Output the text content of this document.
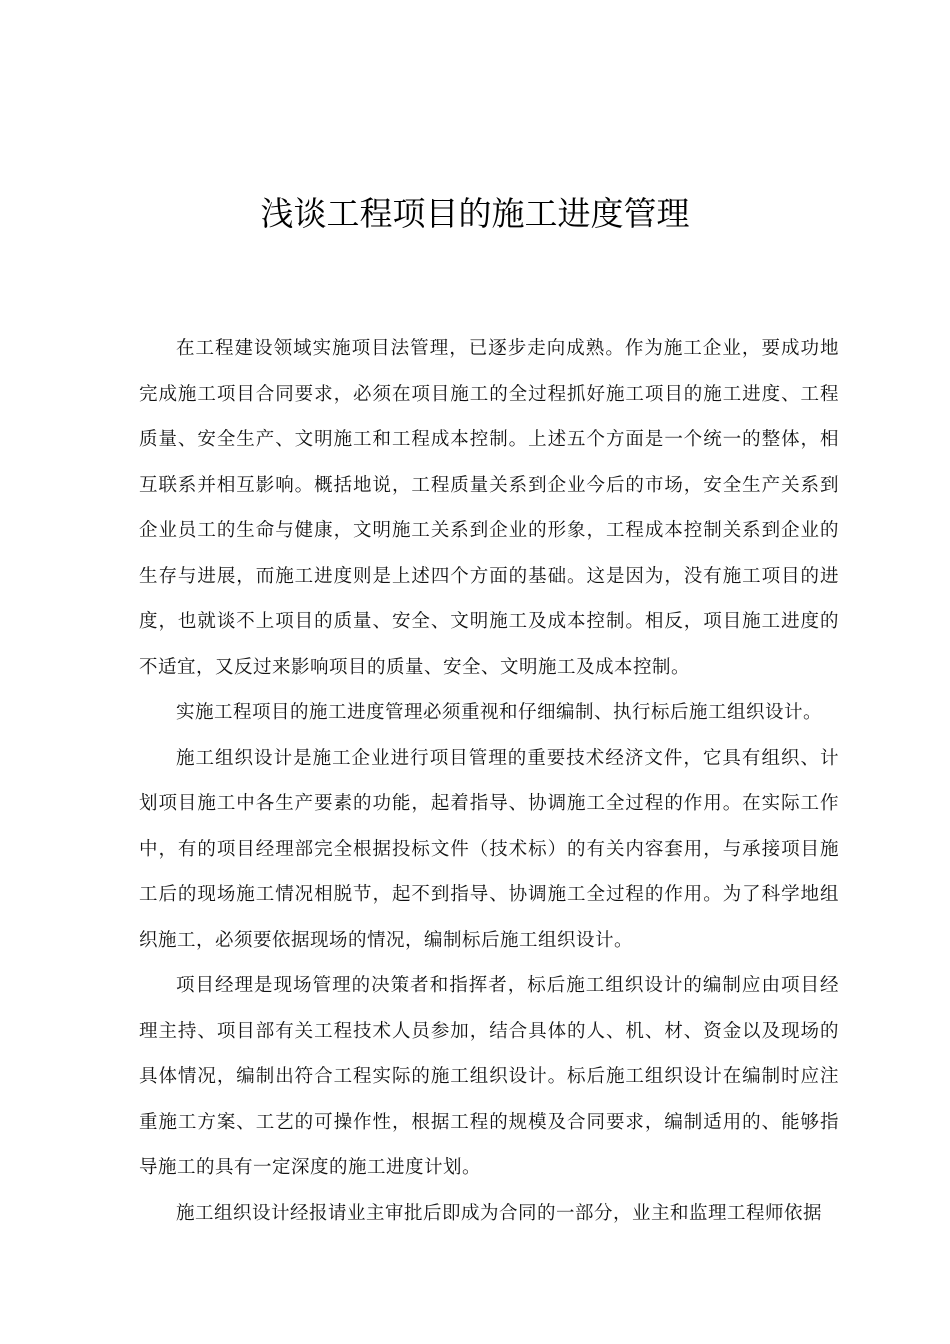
浅谈工程项目的施工进度管理

在工程建设领域实施项目法管理，已逐步走向成熟。作为施工企业，要成功地完成施工项目合同要求，必须在项目施工的全过程抓好施工项目的施工进度、工程质量、安全生产、文明施工和工程成本控制。上述五个方面是一个统一的整体，相互联系并相互影响。概括地说，工程质量关系到企业今后的市场，安全生产关系到企业员工的生命与健康，文明施工关系到企业的形象，工程成本控制关系到企业的生存与进展，而施工进度则是上述四个方面的基础。这是因为，没有施工项目的进度，也就谈不上项目的质量、安全、文明施工及成本控制。相反，项目施工进度的不适宜，又反过来影响项目的质量、安全、文明施工及成本控制。

实施工程项目的施工进度管理必须重视和仔细编制、执行标后施工组织设计。

施工组织设计是施工企业进行项目管理的重要技术经济文件，它具有组织、计划项目施工中各生产要素的功能，起着指导、协调施工全过程的作用。在实际工作中，有的项目经理部完全根据投标文件（技术标）的有关内容套用，与承接项目施工后的现场施工情况相脱节，起不到指导、协调施工全过程的作用。为了科学地组织施工，必须要依据现场的情况，编制标后施工组织设计。

项目经理是现场管理的决策者和指挥者，标后施工组织设计的编制应由项目经理主持、项目部有关工程技术人员参加，结合具体的人、机、材、资金以及现场的具体情况，编制出符合工程实际的施工组织设计。标后施工组织设计在编制时应注重施工方案、工艺的可操作性，根据工程的规模及合同要求，编制适用的、能够指导施工的具有一定深度的施工进度计划。

施工组织设计经报请业主审批后即成为合同的一部分，业主和监理工程师依据
